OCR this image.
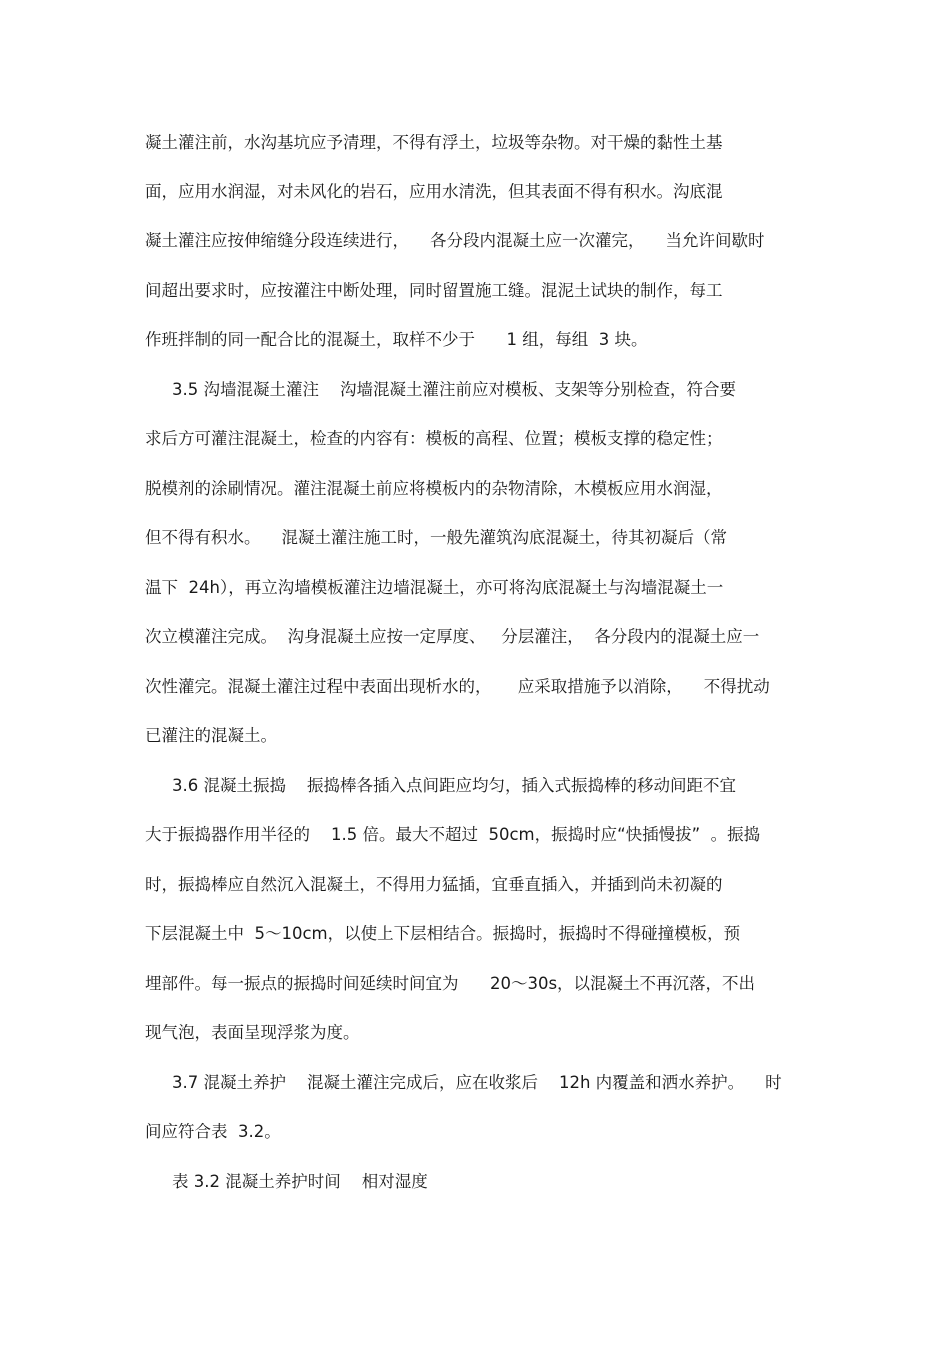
凝土灌注前，水沟基坑应予清理，不得有浮土，垃圾等杂物。对干燥的黏性土基
面，应用水润湿，对未风化的岩石，应用水清洗，但其表面不得有积水。沟底混
凝土灌注应按伸缩缝分段连续进行，    各分段内混凝土应一次灌完，    当允许间歇时
间超出要求时，应按灌注中断处理，同时留置施工缝。混泥土试块的制作，每工
作班拌制的同一配合比的混凝土，取样不少于      1 组，每组  3 块。
3.5 沟墙混凝土灌注    沟墙混凝土灌注前应对模板、支架等分别检查，符合要
求后方可灌注混凝土，检查的内容有：模板的高程、位置；模板支撑的稳定性；
脱模剂的涂刷情况。灌注混凝土前应将模板内的杂物清除，木模板应用水润湿，
但不得有积水。    混凝土灌注施工时，一般先灌筑沟底混凝土，待其初凝后（常
温下  24h），再立沟墙模板灌注边墙混凝土，亦可将沟底混凝土与沟墙混凝土一
次立模灌注完成。  沟身混凝土应按一定厚度、   分层灌注，  各分段内的混凝土应一
次性灌完。混凝土灌注过程中表面出现析水的，     应采取措施予以消除，    不得扰动
已灌注的混凝土。
3.6 混凝土振捣    振捣棒各插入点间距应均匀，插入式振捣棒的移动间距不宜
大于振捣器作用半径的    1.5 倍。最大不超过  50cm，振捣时应“快插慢拔”  。振捣
时，振捣棒应自然沉入混凝土，不得用力猛插，宜垂直插入，并插到尚未初凝的
下层混凝土中  5～10cm，以使上下层相结合。振捣时，振捣时不得碰撞模板，预
埋部件。每一振点的振捣时间延续时间宜为      20～30s，以混凝土不再沉落，不出
现气泡，表面呈现浮浆为度。
3.7 混凝土养护    混凝土灌注完成后，应在收浆后    12h 内覆盖和洒水养护。    时
间应符合表  3.2。
表 3.2 混凝土养护时间    相对湿度
